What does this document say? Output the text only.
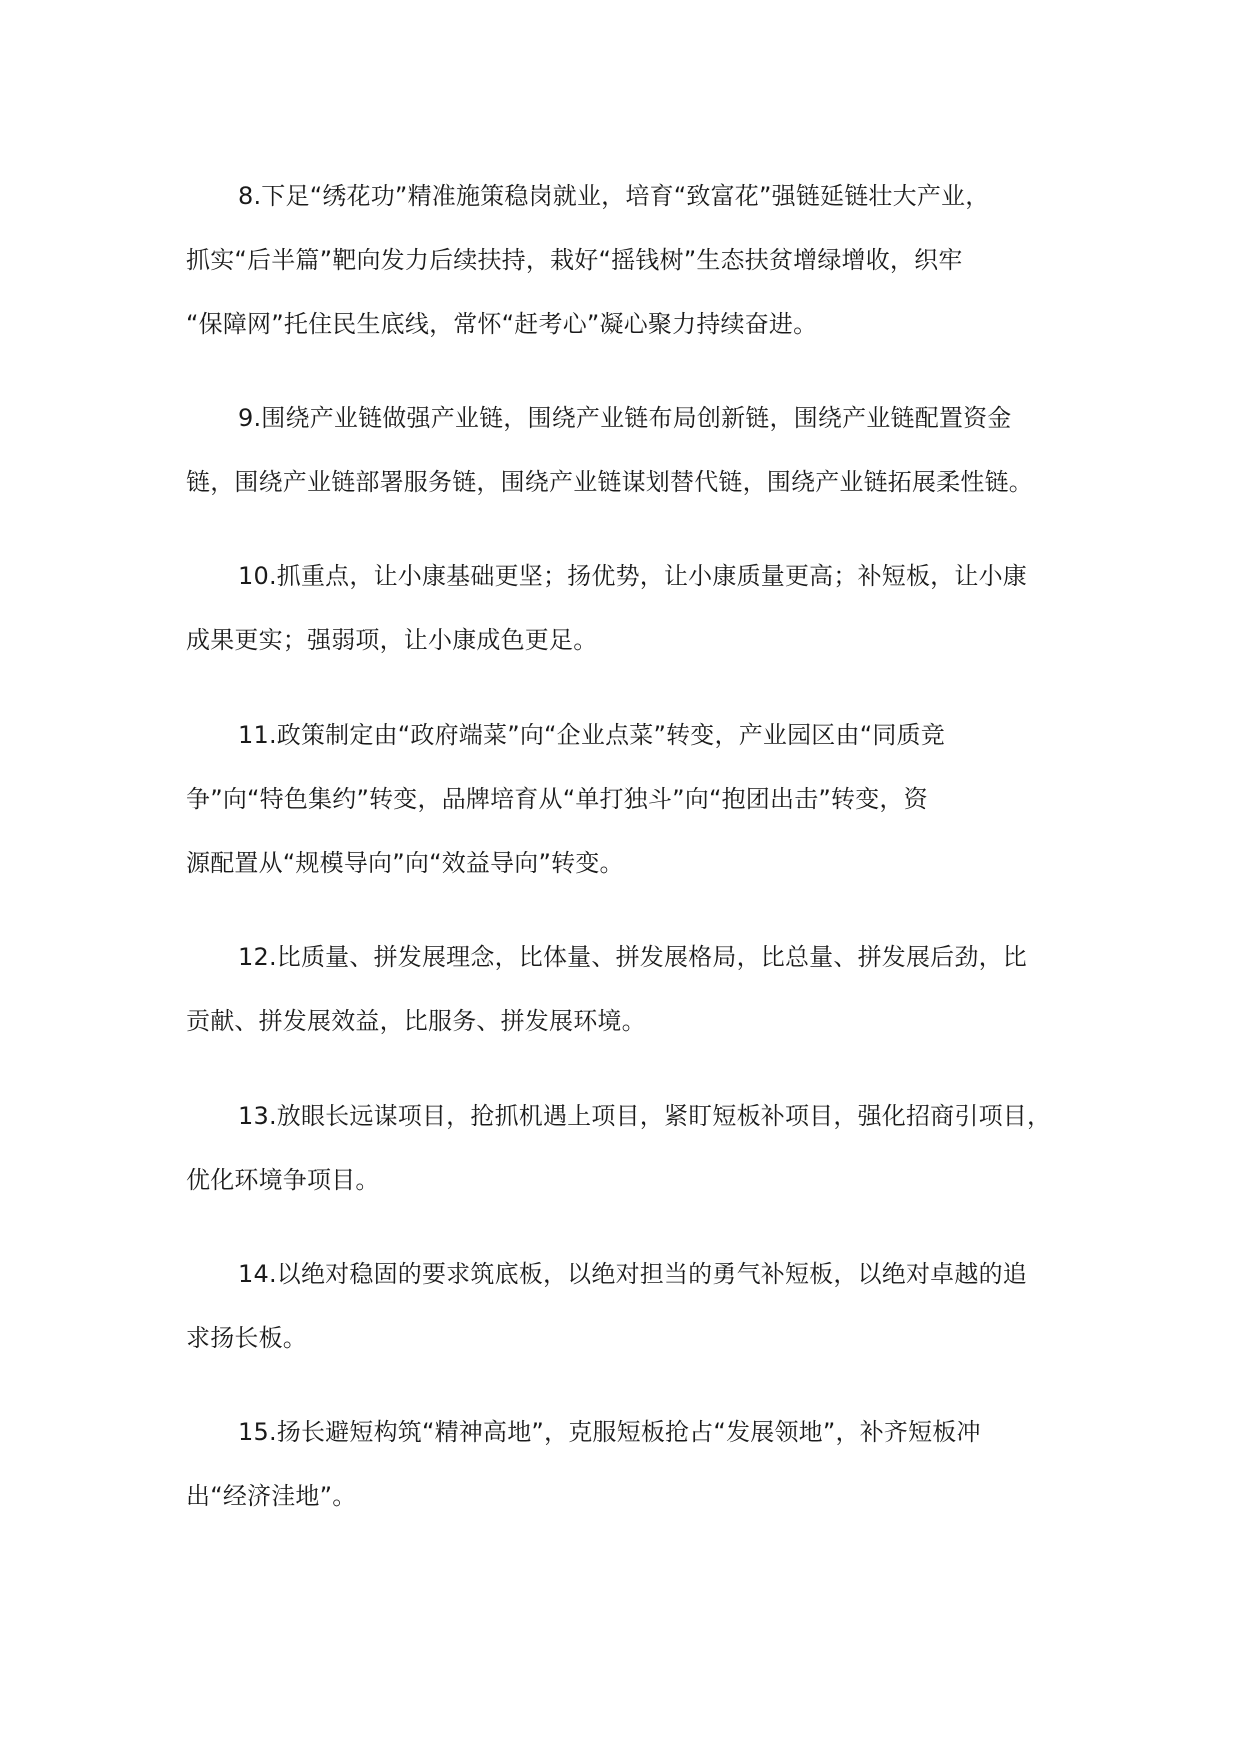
8.下足“绣花功”精准施策稳岗就业，培育“致富花”强链延链壮大产业，
抓实“后半篇”靶向发力后续扶持，栽好“摇钱树”生态扶贫增绿增收，织牢
“保障网”托住民生底线，常怀“赶考心”凝心聚力持续奋进。
9.围绕产业链做强产业链，围绕产业链布局创新链，围绕产业链配置资金
链，围绕产业链部署服务链，围绕产业链谋划替代链，围绕产业链拓展柔性链。
10.抓重点，让小康基础更坚；扬优势，让小康质量更高；补短板，让小康
成果更实；强弱项，让小康成色更足。
11.政策制定由“政府端菜”向“企业点菜”转变，产业园区由“同质竞
争”向“特色集约”转变，品牌培育从“单打独斗”向“抱团出击”转变，资
源配置从“规模导向”向“效益导向”转变。
12.比质量、拼发展理念，比体量、拼发展格局，比总量、拼发展后劲，比
贡献、拼发展效益，比服务、拼发展环境。
13.放眼长远谋项目，抢抓机遇上项目，紧盯短板补项目，强化招商引项目，
优化环境争项目。
14.以绝对稳固的要求筑底板，以绝对担当的勇气补短板，以绝对卓越的追
求扬长板。
15.扬长避短构筑“精神高地”，克服短板抢占“发展领地”，补齐短板冲
出“经济洼地”。
